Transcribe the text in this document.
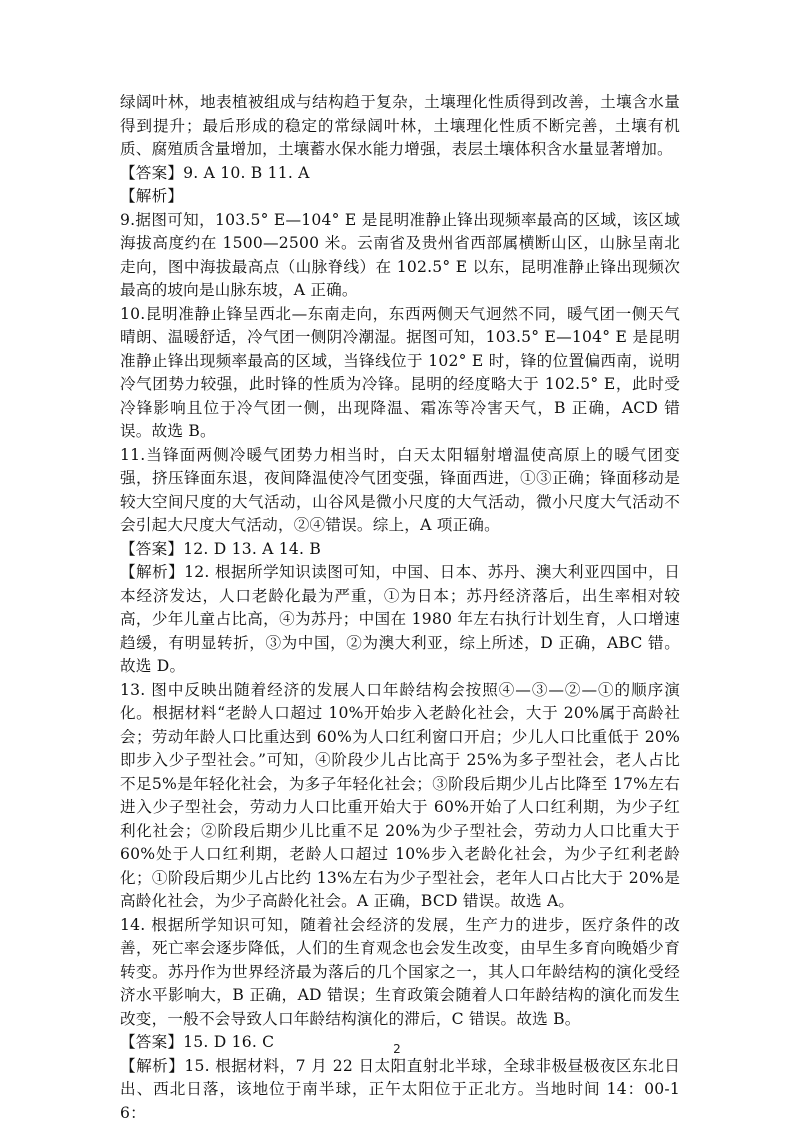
绿阔叶林，地表植被组成与结构趋于复杂，土壤理化性质得到改善，土壤含水量得到提升；最后形成的稳定的常绿阔叶林，土壤理化性质不断完善，土壤有机质、腐殖质含量增加，土壤蓄水保水能力增强，表层土壤体积含水量显著增加。

【答案】9. A 10. B 11. A

【解析】

9.据图可知，103.5° E—104° E 是昆明准静止锋出现频率最高的区域，该区域海拔高度约在 1500—2500 米。云南省及贵州省西部属横断山区，山脉呈南北走向，图中海拔最高点（山脉脊线）在 102.5° E 以东，昆明准静止锋出现频次最高的坡向是山脉东坡，A 正确。

10.昆明准静止锋呈西北—东南走向，东西两侧天气迥然不同，暖气团一侧天气晴朗、温暖舒适，冷气团一侧阴冷潮湿。据图可知，103.5° E—104° E 是昆明准静止锋出现频率最高的区域，当锋线位于 102° E 时，锋的位置偏西南，说明冷气团势力较强，此时锋的性质为冷锋。昆明的经度略大于 102.5° E，此时受冷锋影响且位于冷气团一侧，出现降温、霜冻等冷害天气，B 正确，ACD 错误。故选 B。

11.当锋面两侧冷暖气团势力相当时，白天太阳辐射增温使高原上的暖气团变强，挤压锋面东退，夜间降温使冷气团变强，锋面西进，①③正确；锋面移动是较大空间尺度的大气活动，山谷风是微小尺度的大气活动，微小尺度大气活动不会引起大尺度大气活动，②④错误。综上，A 项正确。

【答案】12. D 13. A 14. B

【解析】12. 根据所学知识读图可知，中国、日本、苏丹、澳大利亚四国中，日本经济发达，人口老龄化最为严重，①为日本；苏丹经济落后，出生率相对较高，少年儿童占比高，④为苏丹；中国在 1980 年左右执行计划生育，人口增速趋缓，有明显转折，③为中国，②为澳大利亚，综上所述，D 正确，ABC 错。故选 D。

13. 图中反映出随着经济的发展人口年龄结构会按照④—③—②—①的顺序演化。根据材料“老龄人口超过 10%开始步入老龄化社会，大于 20%属于高龄社会；劳动年龄人口比重达到 60%为人口红利窗口开启；少儿人口比重低于 20%即步入少子型社会。”可知，④阶段少儿占比高于 25%为多子型社会，老人占比不足5%是年轻化社会，为多子年轻化社会；③阶段后期少儿占比降至 17%左右进入少子型社会，劳动力人口比重开始大于 60%开始了人口红利期，为少子红利化社会；②阶段后期少儿比重不足 20%为少子型社会，劳动力人口比重大于 60%处于人口红利期，老龄人口超过 10%步入老龄化社会，为少子红利老龄化；①阶段后期少儿占比约 13%左右为少子型社会，老年人口占比大于 20%是高龄化社会，为少子高龄化社会。A 正确，BCD 错误。故选 A。

14. 根据所学知识可知，随着社会经济的发展，生产力的进步，医疗条件的改善，死亡率会逐步降低，人们的生育观念也会发生改变，由早生多育向晚婚少育转变。苏丹作为世界经济最为落后的几个国家之一，其人口年龄结构的演化受经济水平影响大，B 正确，AD 错误；生育政策会随着人口年龄结构的演化而发生改变，一般不会导致人口年龄结构演化的滞后，C 错误。故选 B。

【答案】15. D 16. C

【解析】15. 根据材料，7 月 22 日太阳直射北半球，全球非极昼极夜区东北日出、西北日落，该地位于南半球，正午太阳位于正北方。当地时间 14：00-16：

2
